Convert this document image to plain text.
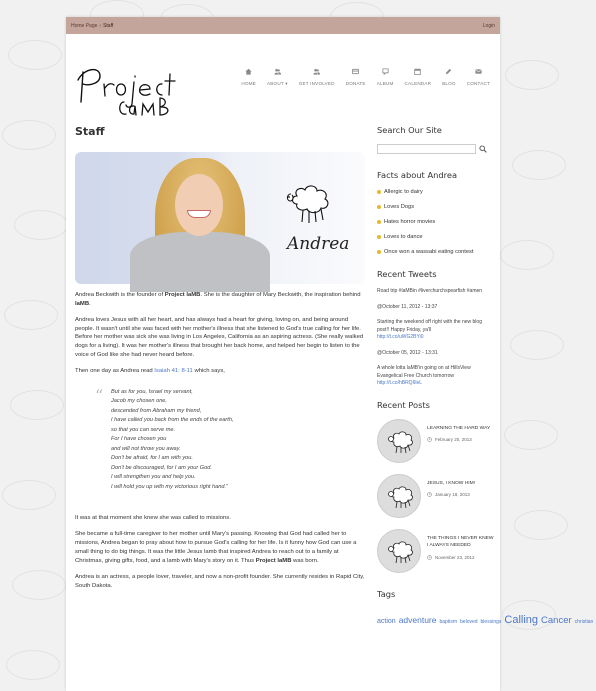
Home Page › Staff	Login
HOME ABOUT ▾ GET INVOLVED DONATE ALBUM CALENDAR BLOG CONTACT
Staff
Andrea

Andrea Beckwith is the founder of Project laMB. She is the daughter of Mary Beckwith, the inspiration behind laMB.

Andrea loves Jesus with all her heart, and has always had a heart for giving, loving on, and being around people. It wasn't until she was faced with her mother's illness that she listened to God's true calling for her life. Before her mother was sick she was living in Los Angeles, California as an aspiring actress. (She really walked dogs for a living). It was her mother's illness that brought her back home, and helped her begin to listen to the voice of God like she had never heard before.

Then one day as Andrea read Isaiah 41: 8-11 which says,

“ But as for you, Israel my servant,
Jacob my chosen one,
descended from Abraham my friend,
I have called you back from the ends of the earth,
so that you can serve me.
For I have chosen you
and will not throw you away.
Don't be afraid, for I am with you.
Don't be discouraged, for I am your God.
I will strengthen you and help you.
I will hold you up with my victorious right hand."

It was at that moment she knew she was called to missions.

She became a full-time caregiver to her mother until Mary's passing. Knowing that God had called her to missions, Andrea began to pray about how to pursue God's calling for her life. Is it funny how God can use a small thing to do big things. It was the little Jesus lamb that inspired Andrea to reach out to a family at Christmas, giving gifts, food, and a lamb with Mary's story on it. Thus Project laMB was born.

Andrea is an actress, a people lover, traveler, and now a non-profit founder. She currently resides in Rapid City, South Dakota.

Search Our Site
Facts about Andrea
Allergic to dairy
Loves Dogs
Hates horror movies
Loves to dance
Once won a wassabi eating contest
Recent Tweets
Road trip #laMBin #liverchurchspearfish #amen
@October 11, 2012 - 13:37
Starting the weekend off right with the new blog post!! Happy Friday, ya'll
http://t.co/uWG2BYi0
@October 05, 2012 - 13:31
A whole lotta laMB'in going on at HillsView Evangelical Free Church tomorrow
http://t.co/hBRQ6leL
Recent Posts
LEARNING THE HARD WAY
February 20, 2013
JESUS, I KNOW HIM!
January 18, 2013
THE THINGS I NEVER KNEW I ALWAYS NEEDED
November 23, 2012
Tags
action adventure baptism beloved blessings Calling Cancer christian
